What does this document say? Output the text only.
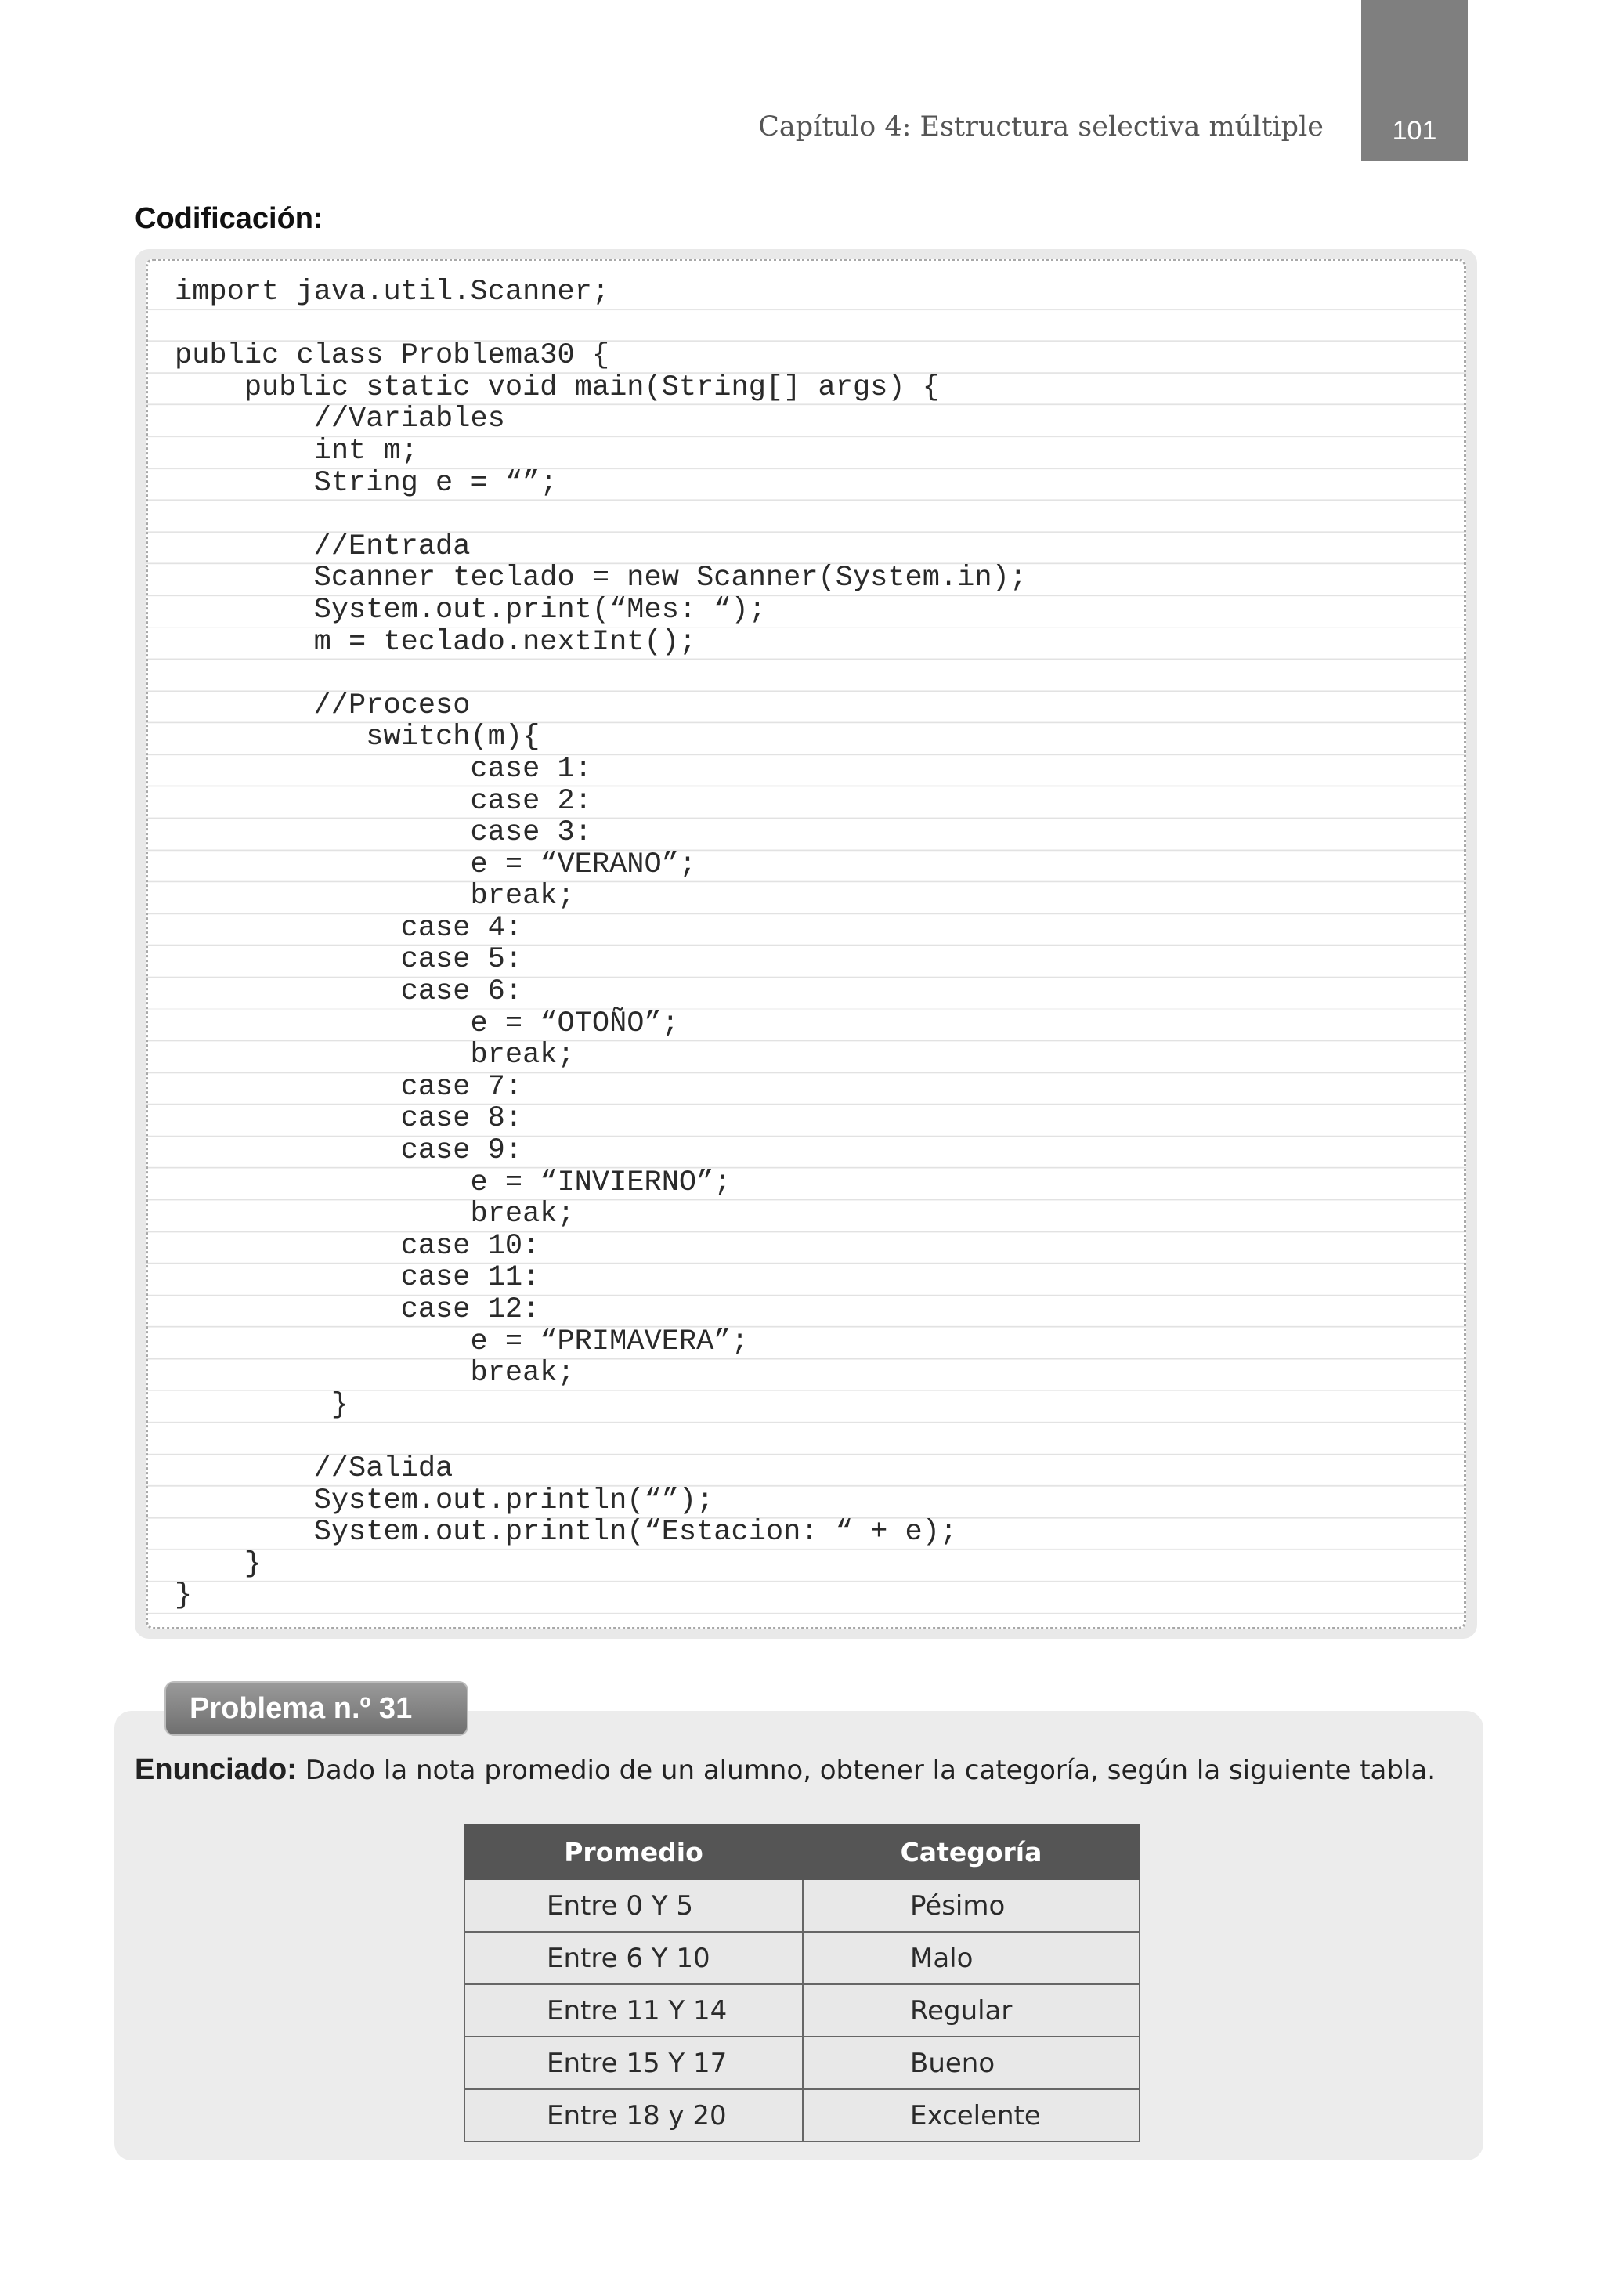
101
Capítulo 4: Estructura selectiva múltiple
Codificación:
import java.util.Scanner;

public class Problema30 {
public static void main(String[] args) {
//Variables
int m;
String e = “”;

//Entrada
Scanner teclado = new Scanner(System.in);
System.out.print(“Mes: “);
m = teclado.nextInt();

//Proceso
switch(m){
case 1:
case 2:
case 3:
e = “VERANO”;
break;
case 4:
case 5:
case 6:
e = “OTOÑO”;
break;
case 7:
case 8:
case 9:
e = “INVIERNO”;
break;
case 10:
case 11:
case 12:
e = “PRIMAVERA”;
break;
}

//Salida
System.out.println(“”);
System.out.println(“Estacion: “ + e);
}
}
Problema n.º 31
Enunciado: Dado la nota promedio de un alumno, obtener la categoría, según la siguiente tabla.
Promedio	Categoría
Entre 0 Y 5	Pésimo
Entre 6 Y 10	Malo
Entre 11 Y 14	Regular
Entre 15 Y 17	Bueno
Entre 18 y 20	Excelente
